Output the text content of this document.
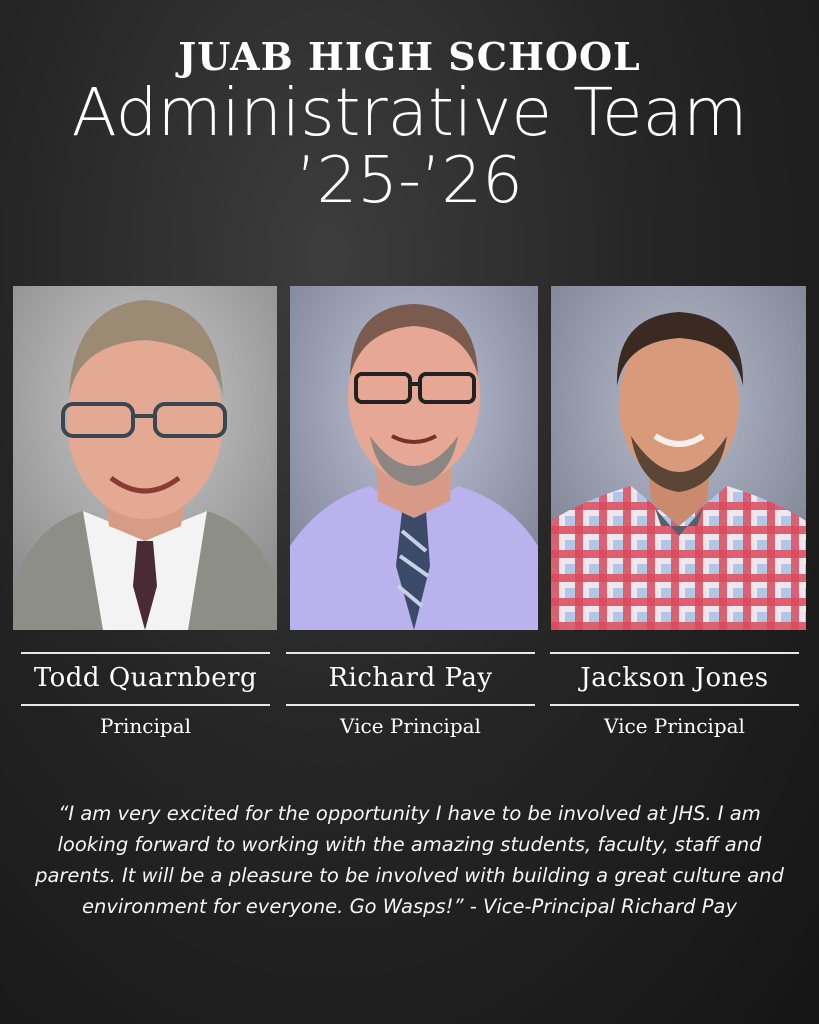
JUAB HIGH SCHOOL
Administrative Team
’25-’26
Todd Quarnberg
Principal
Richard Pay
Vice Principal
Jackson Jones
Vice Principal
“I am very excited for the opportunity I have to be involved at JHS. I am looking forward to working with the amazing students, faculty, staff and parents. It will be a pleasure to be involved with building a great culture and environment for everyone. Go Wasps!” - Vice-Principal Richard Pay
